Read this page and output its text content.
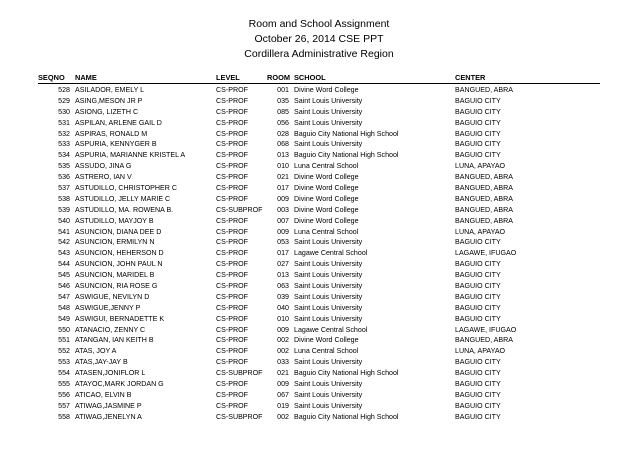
Room and School Assignment
October 26, 2014 CSE PPT
Cordillera Administrative Region
SEQNO NAME	LEVEL	ROOM SCHOOL	CENTER
528 ASILADOR, EMELY L	CS-PROF	001 Divine Word College	BANGUED, ABRA
529 ASING,MESON JR P	CS-PROF	035 Saint Louis University	BAGUIO CITY
530 ASIONG, LIZETH C	CS-PROF	085 Saint Louis University	BAGUIO CITY
531 ASPILAN, ARLENE GAIL D	CS-PROF	056 Saint Louis University	BAGUIO CITY
532 ASPIRAS, RONALD M	CS-PROF	028 Baguio City National High School	BAGUIO CITY
533 ASPURIA, KENNYGER B	CS-PROF	068 Saint Louis University	BAGUIO CITY
534 ASPURIA, MARIANNE KRISTEL A	CS-PROF	013 Baguio City National High School	BAGUIO CITY
535 ASSUDO, JINA G	CS-PROF	010 Luna Central School	LUNA, APAYAO
536 ASTRERO, IAN V	CS-PROF	021 Divine Word College	BANGUED, ABRA
537 ASTUDILLO, CHRISTOPHER C	CS-PROF	017 Divine Word College	BANGUED, ABRA
538 ASTUDILLO, JELLY MARIE C	CS-PROF	009 Divine Word College	BANGUED, ABRA
539 ASTUDILLO, MA. ROWENA B.	CS-SUBPROF	003 Divine Word College	BANGUED, ABRA
540 ASTUDILLO, MAYJOY B	CS-PROF	007 Divine Word College	BANGUED, ABRA
541 ASUNCION, DIANA DEE D	CS-PROF	009 Luna Central School	LUNA, APAYAO
542 ASUNCION, ERMILYN N	CS-PROF	053 Saint Louis University	BAGUIO CITY
543 ASUNCION, HEHERSON D	CS-PROF	017 Lagawe Central School	LAGAWE, IFUGAO
544 ASUNCION, JOHN PAUL N	CS-PROF	027 Saint Louis University	BAGUIO CITY
545 ASUNCION, MARIDEL B	CS-PROF	013 Saint Louis University	BAGUIO CITY
546 ASUNCION, RIA ROSE G	CS-PROF	063 Saint Louis University	BAGUIO CITY
547 ASWIGUE, NEVILYN D	CS-PROF	039 Saint Louis University	BAGUIO CITY
548 ASWIGUE,JENNY P	CS-PROF	040 Saint Louis University	BAGUIO CITY
549 ASWIGUI, BERNADETTE K	CS-PROF	010 Saint Louis University	BAGUIO CITY
550 ATANACIO, ZENNY C	CS-PROF	009 Lagawe Central School	LAGAWE, IFUGAO
551 ATANGAN, IAN KEITH B	CS-PROF	002 Divine Word College	BANGUED, ABRA
552 ATAS, JOY A	CS-PROF	002 Luna Central School	LUNA, APAYAO
553 ATAS,JAY-JAY B	CS-PROF	033 Saint Louis University	BAGUIO CITY
554 ATASEN,JONIFLOR L	CS-SUBPROF	021 Baguio City National High School	BAGUIO CITY
555 ATAYOC,MARK JORDAN G	CS-PROF	009 Saint Louis University	BAGUIO CITY
556 ATICAO, ELVIN B	CS-PROF	067 Saint Louis University	BAGUIO CITY
557 ATIWAG,JASMINE P	CS-PROF	019 Saint Louis University	BAGUIO CITY
558 ATIWAG,JENELYN A	CS-SUBPROF	002 Baguio City National High School	BAGUIO CITY
